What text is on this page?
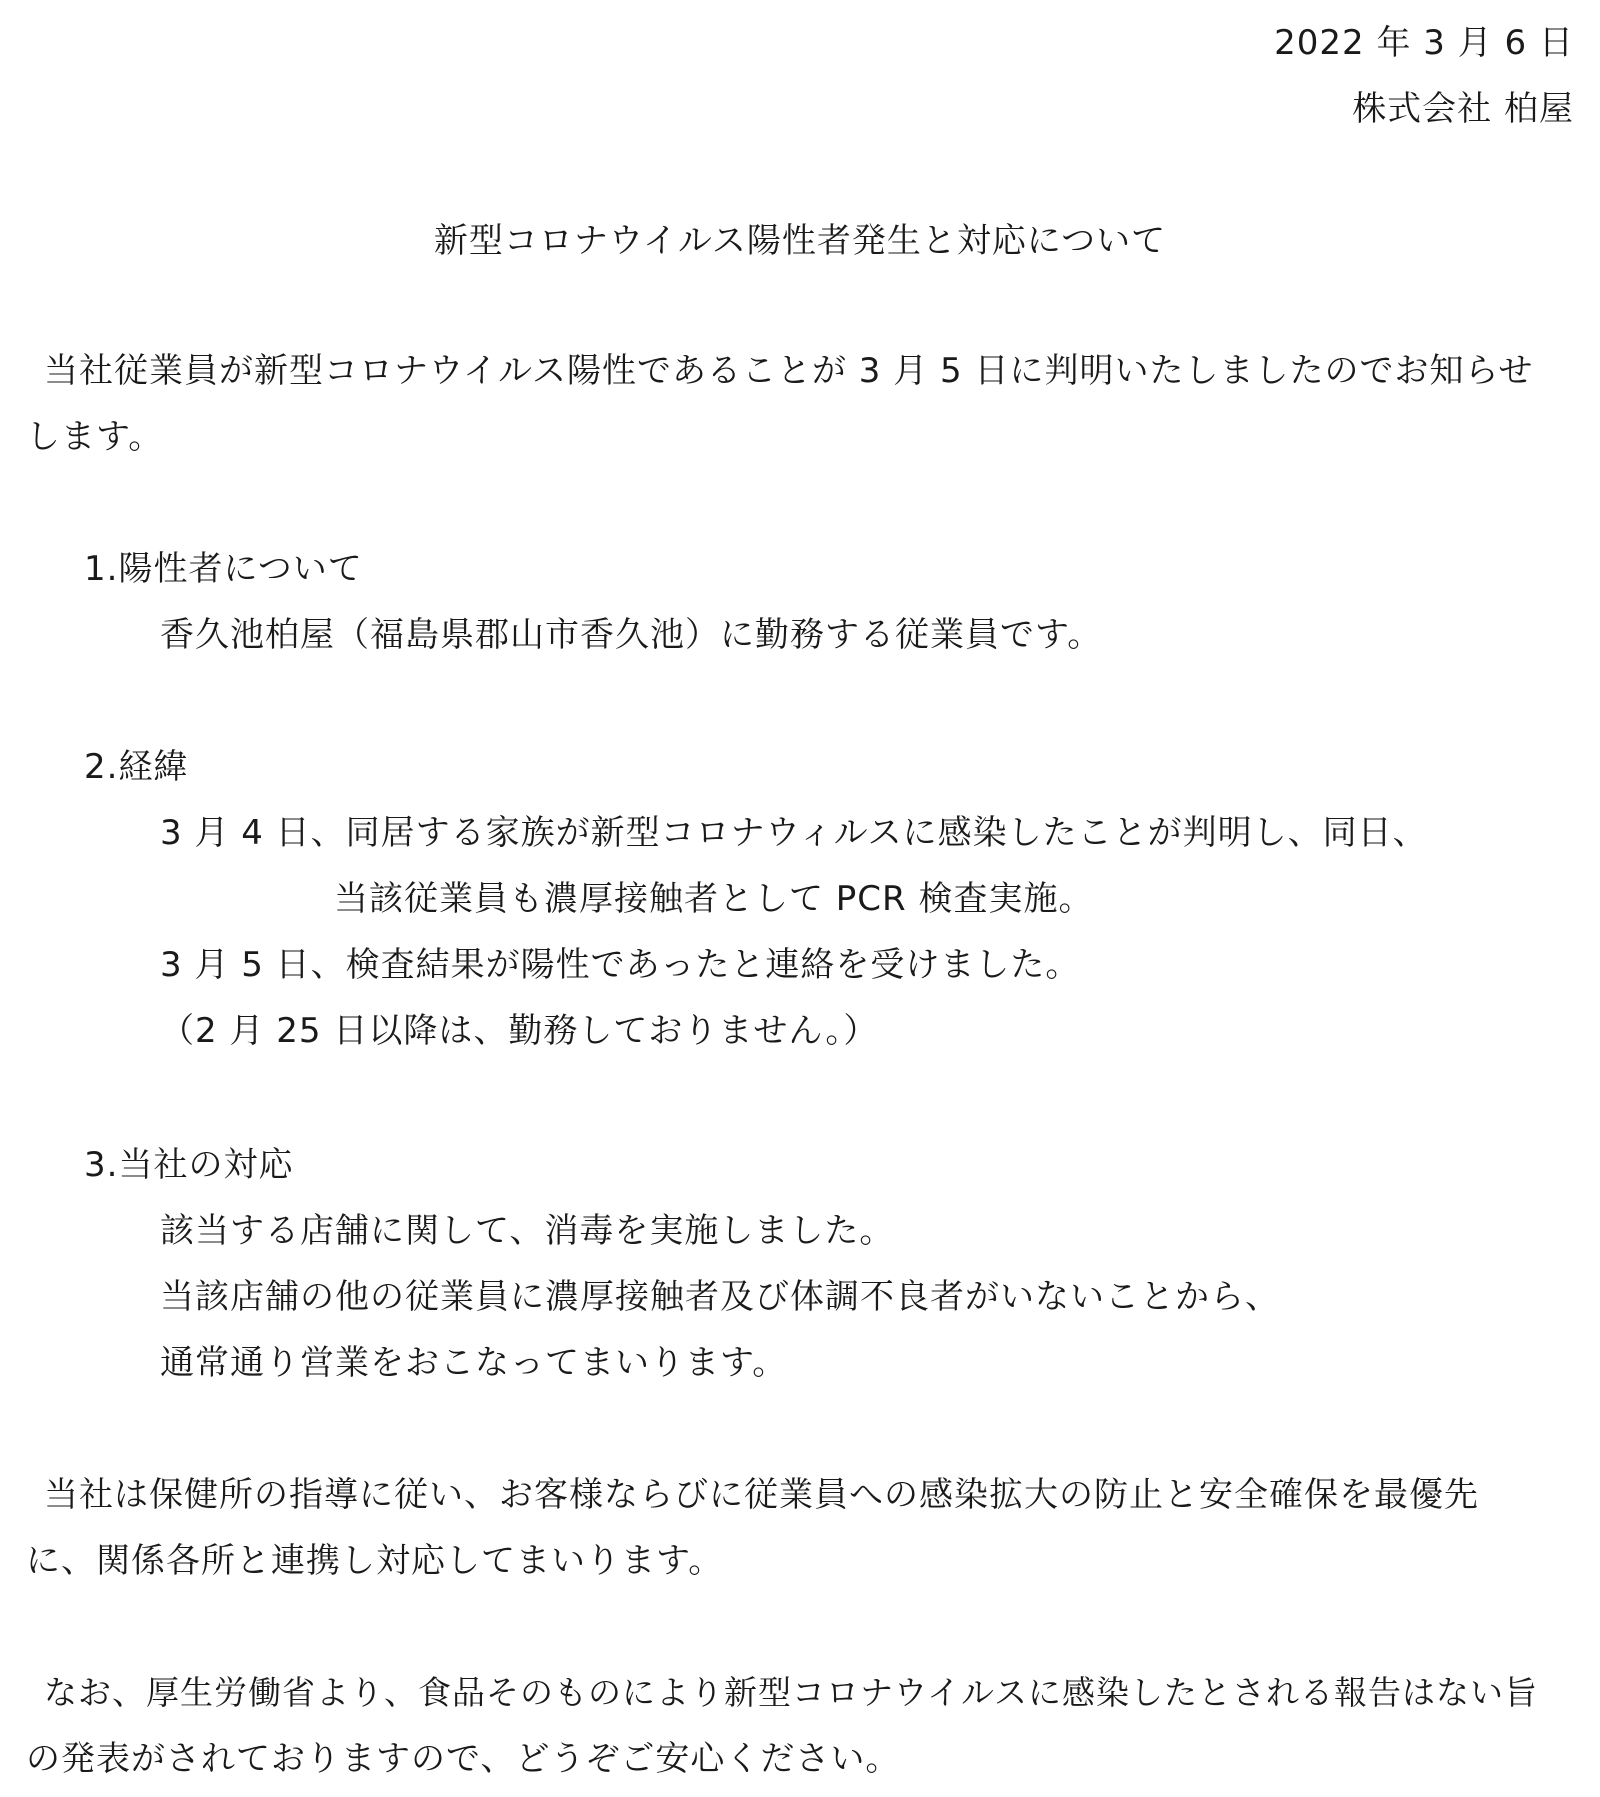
2022 年 3 月 6 日
株式会社 柏屋
新型コロナウイルス陽性者発生と対応について
当社従業員が新型コロナウイルス陽性であることが 3 月 5 日に判明いたしましたのでお知らせ
します。
1.陽性者について
香久池柏屋（福島県郡山市香久池）に勤務する従業員です。
2.経緯
3 月 4 日、同居する家族が新型コロナウィルスに感染したことが判明し、同日、
当該従業員も濃厚接触者として PCR 検査実施。
3 月 5 日、検査結果が陽性であったと連絡を受けました。
（2 月 25 日以降は、勤務しておりません。）
3.当社の対応
該当する店舗に関して、消毒を実施しました。
当該店舗の他の従業員に濃厚接触者及び体調不良者がいないことから、
通常通り営業をおこなってまいります。
当社は保健所の指導に従い、お客様ならびに従業員への感染拡大の防止と安全確保を最優先
に、関係各所と連携し対応してまいります。
なお、厚生労働省より、食品そのものにより新型コロナウイルスに感染したとされる報告はない旨
の発表がされておりますので、どうぞご安心ください。
